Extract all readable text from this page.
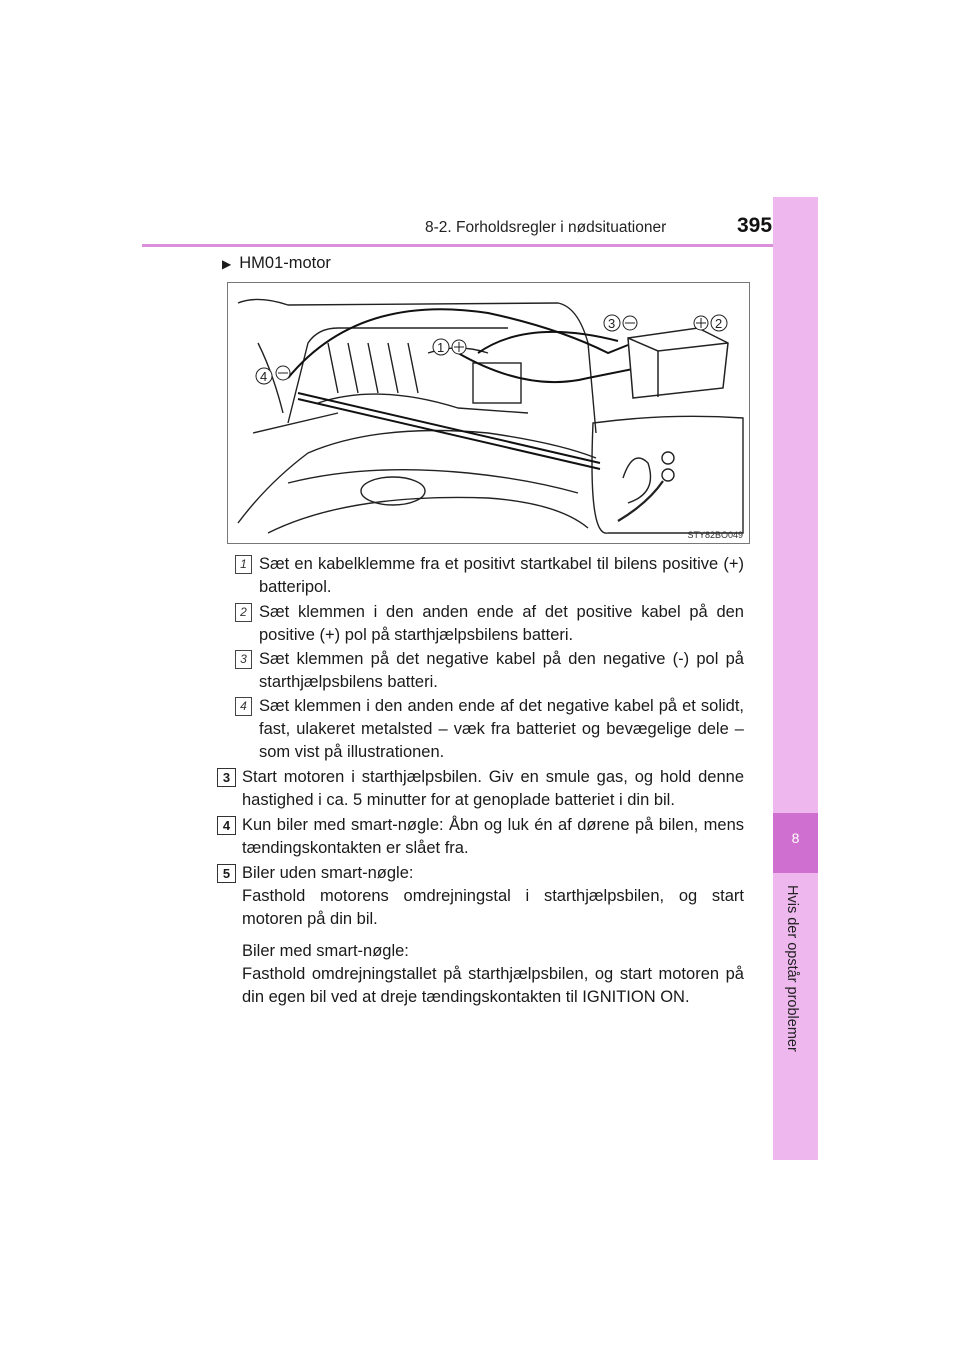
8-2. Forholdsregler i nødsituationer	395
8
Hvis der opstår problemer
▶ HM01-motor
3	2
1
4
STY82BO049
1 Sæt en kabelklemme fra et positivt startkabel til bilens positive (+) batteripol.
2 Sæt klemmen i den anden ende af det positive kabel på den positive (+) pol på starthjælpsbilens batteri.
3 Sæt klemmen på det negative kabel på den negative (-) pol på starthjælpsbilens batteri.
4 Sæt klemmen i den anden ende af det negative kabel på et solidt, fast, ulakeret metalsted – væk fra batteriet og bevægelige dele – som vist på illustrationen.
3 Start motoren i starthjælpsbilen. Giv en smule gas, og hold denne hastighed i ca. 5 minutter for at genoplade batteriet i din bil.

4 Kun biler med smart-nøgle: Åbn og luk én af dørene på bilen, mens tændingskontakten er slået fra.

5 Biler uden smart-nøgle:
Fasthold motorens omdrejningstal i starthjælpsbilen, og start motoren på din bil.

Biler med smart-nøgle:
Fasthold omdrejningstallet på starthjælpsbilen, og start motoren på din egen bil ved at dreje tændingskontakten til IGNITION ON.
